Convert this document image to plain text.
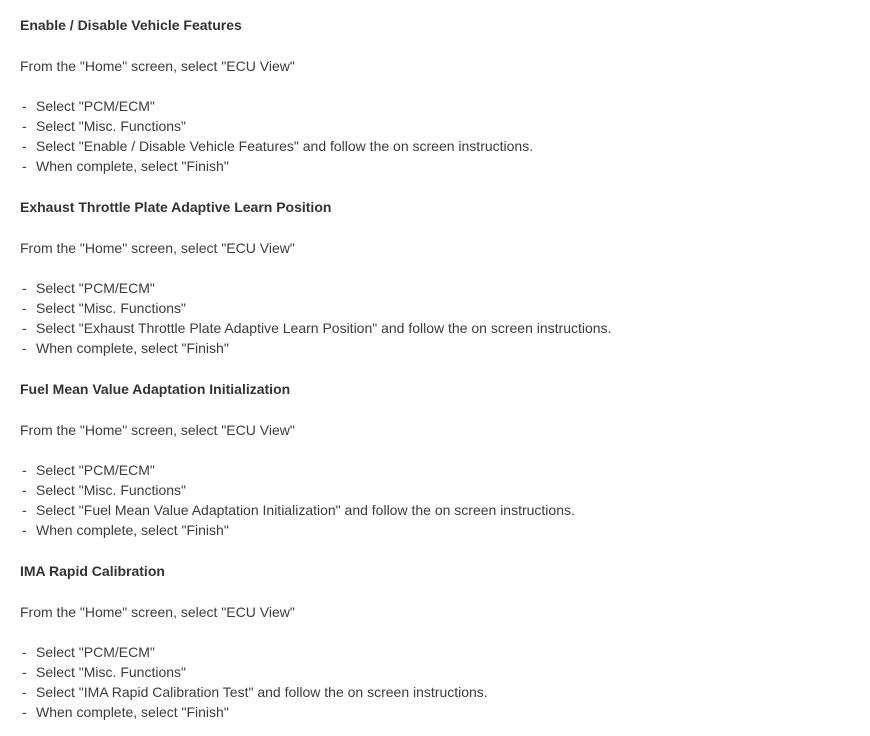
Enable / Disable Vehicle Features
From the "Home" screen, select "ECU View"
- Select "PCM/ECM"
- Select "Misc. Functions"
- Select "Enable / Disable Vehicle Features" and follow the on screen instructions.
- When complete, select "Finish"
Exhaust Throttle Plate Adaptive Learn Position
From the "Home" screen, select "ECU View"
- Select "PCM/ECM"
- Select "Misc. Functions"
- Select "Exhaust Throttle Plate Adaptive Learn Position" and follow the on screen instructions.
- When complete, select "Finish"
Fuel Mean Value Adaptation Initialization
From the "Home" screen, select "ECU View"
- Select "PCM/ECM"
- Select "Misc. Functions"
- Select "Fuel Mean Value Adaptation Initialization" and follow the on screen instructions.
- When complete, select "Finish"
IMA Rapid Calibration
From the "Home" screen, select "ECU View"
- Select "PCM/ECM"
- Select "Misc. Functions"
- Select "IMA Rapid Calibration Test" and follow the on screen instructions.
- When complete, select "Finish"
